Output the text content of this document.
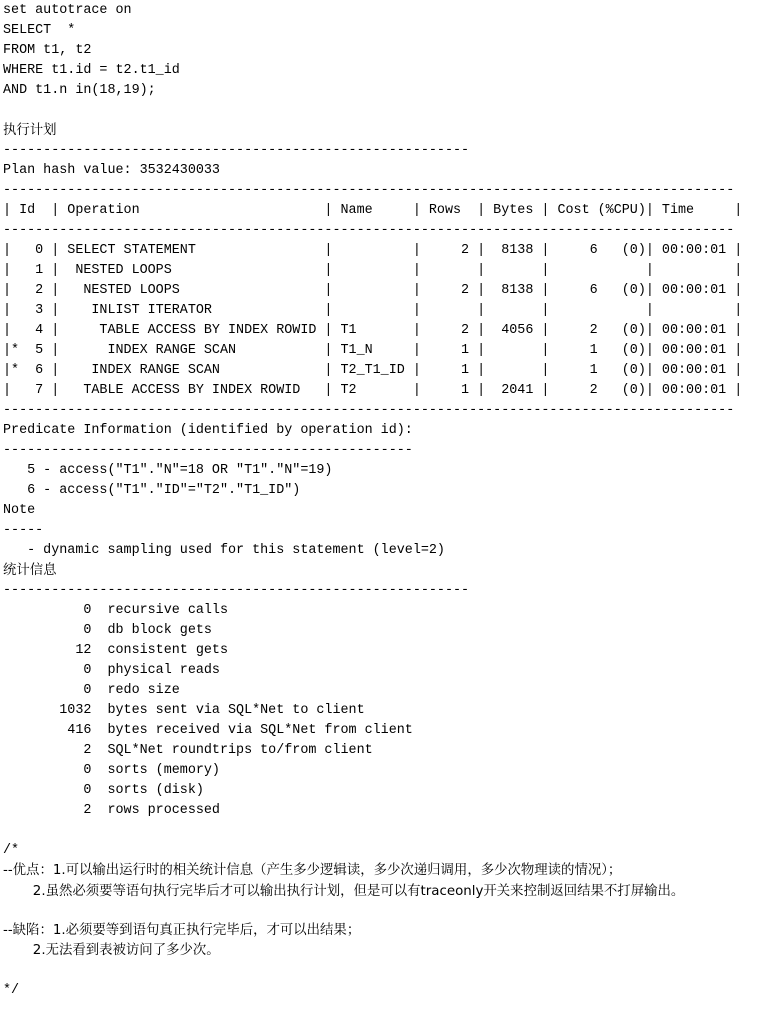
set autotrace on
SELECT  *
FROM t1, t2
WHERE t1.id = t2.t1_id
AND t1.n in(18,19);
执行计划
----------------------------------------------------------
Plan hash value: 3532430033
-------------------------------------------------------------------------------------------
| Id  | Operation                       | Name     | Rows  | Bytes | Cost (%CPU)| Time     |
-------------------------------------------------------------------------------------------
|   0 | SELECT STATEMENT                |          |     2 |  8138 |     6   (0)| 00:00:01 |
|   1 |  NESTED LOOPS                   |          |       |       |            |          |
|   2 |   NESTED LOOPS                  |          |     2 |  8138 |     6   (0)| 00:00:01 |
|   3 |    INLIST ITERATOR              |          |       |       |            |          |
|   4 |     TABLE ACCESS BY INDEX ROWID | T1       |     2 |  4056 |     2   (0)| 00:00:01 |
|*  5 |      INDEX RANGE SCAN           | T1_N     |     1 |       |     1   (0)| 00:00:01 |
|*  6 |    INDEX RANGE SCAN             | T2_T1_ID |     1 |       |     1   (0)| 00:00:01 |
|   7 |   TABLE ACCESS BY INDEX ROWID   | T2       |     1 |  2041 |     2   (0)| 00:00:01 |
-------------------------------------------------------------------------------------------
Predicate Information (identified by operation id):
---------------------------------------------------
5 - access("T1"."N"=18 OR "T1"."N"=19)
6 - access("T1"."ID"="T2"."T1_ID")
Note
-----
- dynamic sampling used for this statement (level=2)
统计信息
----------------------------------------------------------
0  recursive calls
0  db block gets
12  consistent gets
0  physical reads
0  redo size
1032  bytes sent via SQL*Net to client
416  bytes received via SQL*Net from client
2  SQL*Net roundtrips to/from client
0  sorts (memory)
0  sorts (disk)
2  rows processed
/*
--优点：1.可以输出运行时的相关统计信息（产生多少逻辑读，多少次递归调用，多少次物理读的情况）；
2.虽然必须要等语句执行完毕后才可以输出执行计划，但是可以有traceonly开关来控制返回结果不打屏输出。
--缺陷：1.必须要等到语句真正执行完毕后，才可以出结果；
2.无法看到表被访问了多少次。
*/
